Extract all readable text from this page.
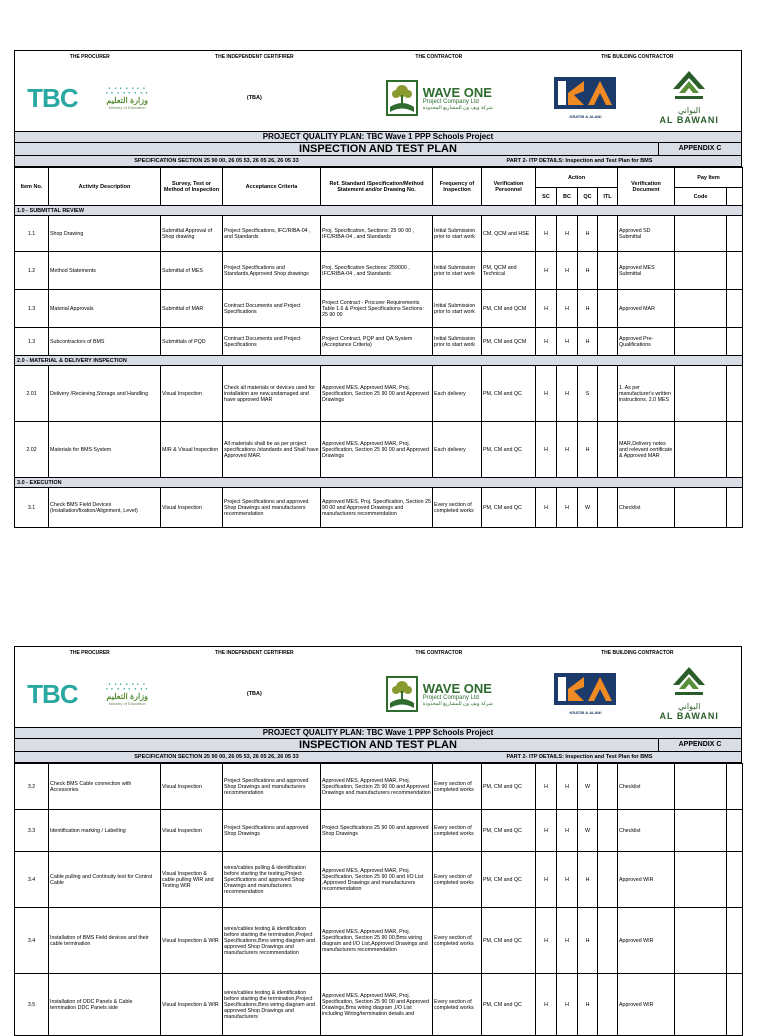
THE PROCURER	THE INDEPENDENT CERTIFIRER	THE CONTRACTOR	THE BUILDING CONTRACTOR
TBC ∴∵∴∵∴
وزارة التعليم
Ministry of Education
(TBA)	WAVE ONE
Project Company Ltd
شركة ويف ون للمشاريع المحدودة
KRATIB & ALANI
البواني
AL BAWANI
PROJECT QUALITY PLAN: TBC Wave 1 PPP Schools Project
INSPECTION AND TEST PLAN	APPENDIX C
SPECIFICATION SECTION 25 90 00, 26 05 53, 26 05 26, 26 05 33	PART 2- ITP DETAILS: Inspection and Test Plan for BMS
Item No.	Activity Description	Survey, Test or Method of Inspection	Acceptance Criteria	Ref. Standard /Specification/Method Statement and/or Drawing No.	Frequency of Inspection	Verification Personnel	Action				Verification Document	Pay Item	
							SC	BC	QC	ITL		Code	
1.0 - SUBMITTAL REVIEW													
1.1	Shop Drawing	Submittal Approval of Shop drawing	Project Specifications, IFC/RIBA-04 , and Standards	Proj. Specification, Sections: 25 90 00 , IFC/RIBA-04 , and Standards	Initial Submission prior to start work	CM, QCM and HSE	H	H	H		Approved SD Submittal		
1.2	Method Statements	Submittal of MES	Project Specifications and Standards,Approved Shop drawings	Proj. Specification Sections: 259000 , IFC/RIBA-04 , and Standards	Initial Submission prior to start work	PM, QCM and Technical	H	H	H		Approved MES Submittal		
1.3	Material Approvals	Submittal of MAR	Contract Documents and Project Specifications	Project Contract - Procurer Requirements Table 1.6 & Project Specifications Sections: 25 90 00	Initial Submission prior to start work	PM, CM and QCM	H	H	H		Approved MAR		
1.3	Subcontractors of BMS	Submittals of PQD	Contract Documents and Project Specifications	Project Contract, PQP and QA System (Acceptance Criteria)	Initial Submission prior to start work	PM, CM and QCM	H	H	H		Approved Pre-Qualifications		
2.0 - MATERIAL & DELIVERY INSPECTION													
2.01	Delivery /Recieving,Storage and Handling	Visual Inspection	Check all materials or devices used for installation are new,undamaged and have approved MAR	Approved MES, Approved MAR, Proj. Specification, Section 25 90 00 and Approved Drawings	Each delivery	PM, CM and QC	H	H	S		1. As per manufacturer's written instructions. 2.0 MES		
2.02	Materials for BMS System	MIR & Visual Inspection	All materials shall be as per project specifications /standards and Shall have Approved MAR.	Approved MES, Approved MAR, Proj. Specification, Section 25 90 00 and Approved Drawings	Each delivery	PM, CM and QC	H	H	H		MAR,Delivery notes and relevant certificate & Approved MAR		
3.0 - EXECUTION													
3.1	Check BMS Field Devices (Installation/fixation/Alignment, Level)	Visual Inspection	Project Specifications and approved Shop Drawings and manufacturers recommendation	Approved MES, Proj. Specification, Section 25 90 00 and Approved Drawings and manufacturers recommendation	Every section of completed works	PM, CM and QC	H	H	W		Checklist		
THE PROCURER	THE INDEPENDENT CERTIFIRER	THE CONTRACTOR	THE BUILDING CONTRACTOR
TBC ∴∵∴∵∴
وزارة التعليم
Ministry of Education
(TBA)	WAVE ONE
Project Company Ltd
شركة ويف ون للمشاريع المحدودة
KRATIB & ALANI
البواني
AL BAWANI
PROJECT QUALITY PLAN: TBC Wave 1 PPP Schools Project
INSPECTION AND TEST PLAN	APPENDIX C
SPECIFICATION SECTION 25 90 00, 26 05 53, 26 05 26, 26 05 33	PART 2- ITP DETAILS: Inspection and Test Plan for BMS
3.2	Check BMS Cable connection with Accessories	Visual Inspection	Project Specifications and approved Shop Drawings and manufacturers recommendation	Approved MES, Approved MAR, Proj. Specification, Section 25 90 00 and Approved Drawings and manufacturers recommendation	Every section of completed works	PM, CM and QC	H	H	W		Checklist		
3.3	Identification marking / Labelling	Visual Inspection	Project Specifications and approved Shop Drawings	Project Specifications 25 90 00 and approved Shop Drawings	Every section of completed works	PM, CM and QC	H	H	W		Checklist		
3.4	Cable pulling and Continuity test for Control Cable	Visual Inspection & cable pulling WIR and Testing WIR	wires/cables pulling & identification before starting the testing,Project Specifications and approved Shop Drawings and manufacturers recommendation	Approved MES, Approved MAR, Proj. Specification, Section 25 90 00 and I/O List ,Approved Drawings and manufacturers recommendation	Every section of completed works	PM, CM and QC	H	H	H		Approved WIR		
3.4	Installation of BMS Field devices and their cable termination	Visual Inspection & WIR	wires/cables testing & identification before starting the termination,Project Specifications,Bms wiring diagram and approved Shop Drawings and manufacturers recommendation	Approved MES, Approved MAR, Proj. Specification, Section 25 90 00,Bms wiring diagram and I/O List,Approved Drawings and manufacturers recommendation	Every section of completed works	PM, CM and QC	H	H	H		Approved WIR		
3.5	Installation of ODC Panels & Cable termination DDC Panels side	Visual Inspection & WIR	wires/cables testing & identification before starting the termination,Project Specifications,Bms wiring diagram and approved Shop Drawings and manufacturers	Approved MES, Approved MAR, Proj. Specification, Section 25 90 00 and Approved Drawings,Bms wiring diagram ,I/O List including Wiring/termination details and	Every section of completed works	PM, CM and QC	H	H	H		Approved WIR		
